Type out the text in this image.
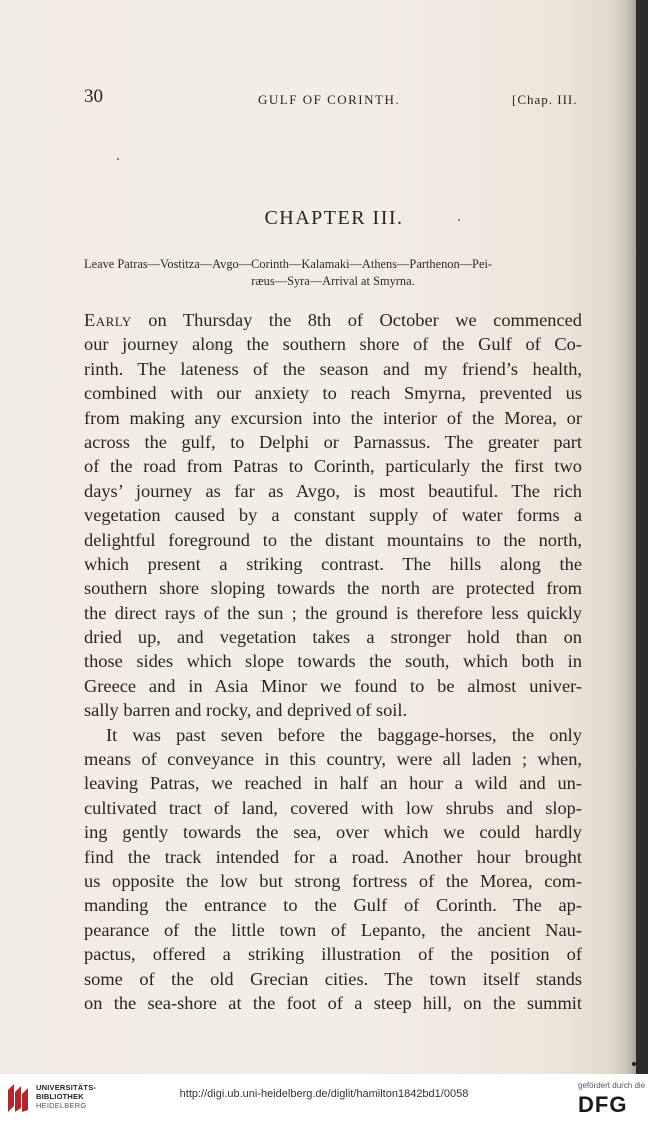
30	GULF OF CORINTH.	[Chap. III.
CHAPTER III.
Leave Patras—Vostitza—Avgo—Corinth—Kalamaki—Athens—Parthenon—Pei-
ræus—Syra—Arrival at Smyrna.
Early on Thursday the 8th of October we commenced
our journey along the southern shore of the Gulf of Co-
rinth. The lateness of the season and my friend’s health,
combined with our anxiety to reach Smyrna, prevented us
from making any excursion into the interior of the Morea, or
across the gulf, to Delphi or Parnassus. The greater part
of the road from Patras to Corinth, particularly the first two
days’ journey as far as Avgo, is most beautiful. The rich
vegetation caused by a constant supply of water forms a
delightful foreground to the distant mountains to the north,
which present a striking contrast. The hills along the
southern shore sloping towards the north are protected from
the direct rays of the sun ; the ground is therefore less quickly
dried up, and vegetation takes a stronger hold than on
those sides which slope towards the south, which both in
Greece and in Asia Minor we found to be almost univer-
sally barren and rocky, and deprived of soil.
It was past seven before the baggage-horses, the only
means of conveyance in this country, were all laden ; when,
leaving Patras, we reached in half an hour a wild and un-
cultivated tract of land, covered with low shrubs and slop-
ing gently towards the sea, over which we could hardly
find the track intended for a road. Another hour brought
us opposite the low but strong fortress of the Morea, com-
manding the entrance to the Gulf of Corinth. The ap-
pearance of the little town of Lepanto, the ancient Nau-
pactus, offered a striking illustration of the position of
some of the old Grecian cities. The town itself stands
on the sea-shore at the foot of a steep hill, on the summit
UNIVERSITÄTS-
BIBLIOTHEK
HEIDELBERG
http://digi.ub.uni-heidelberg.de/diglit/hamilton1842bd1/0058
gefördert durch die
DFG
